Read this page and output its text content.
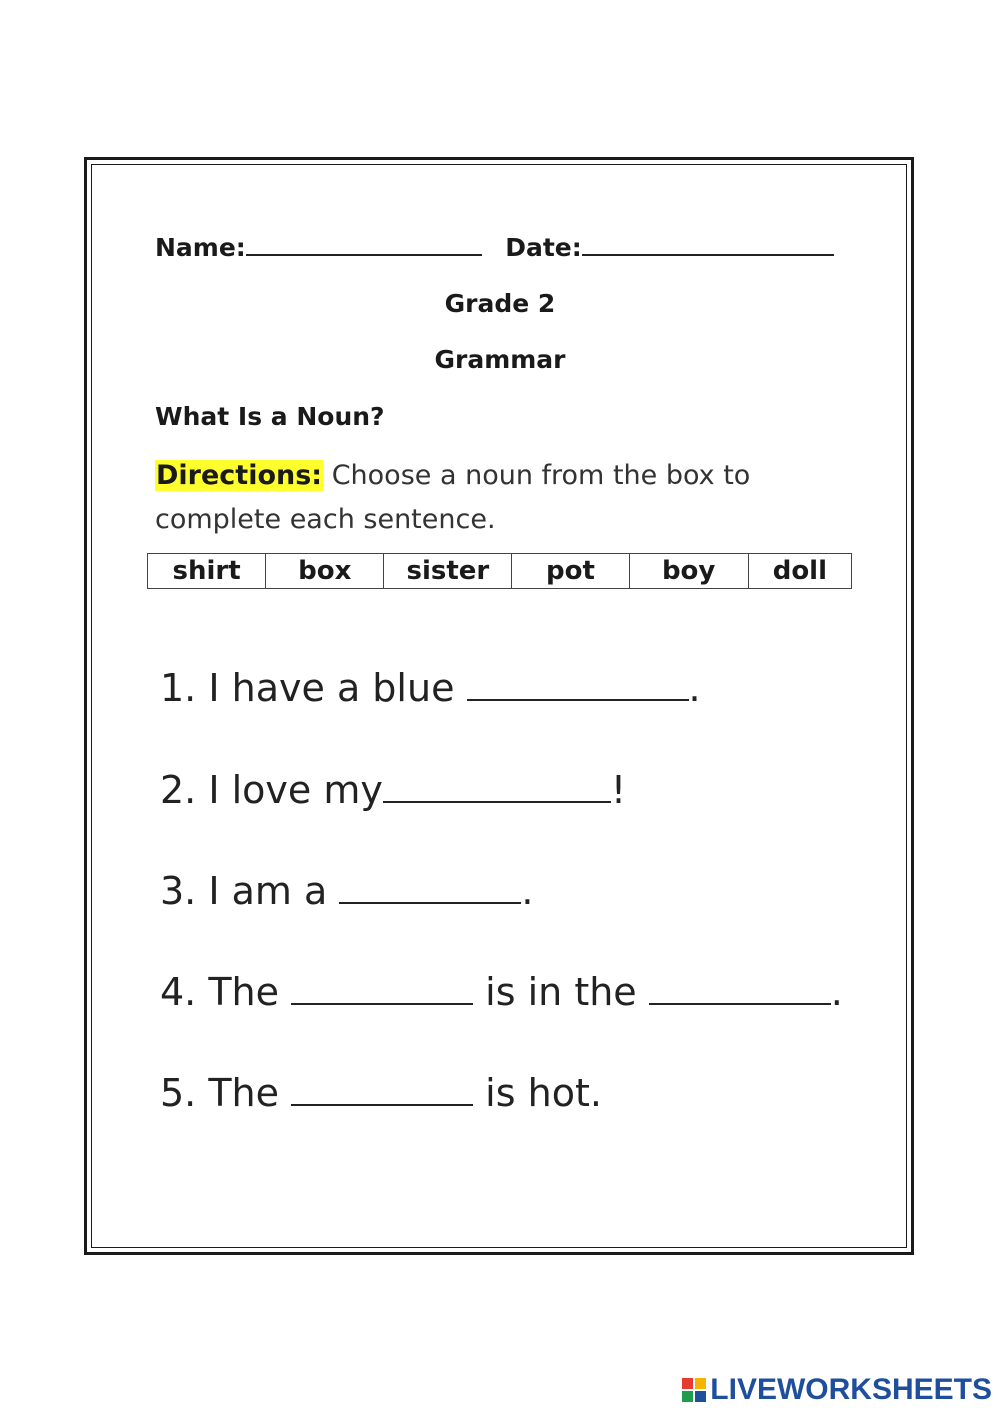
Name:	Date:
Grade 2
Grammar
What Is a Noun?
Directions: Choose a noun from the box to complete each sentence.
shirt	box	sister	pot	boy	doll
1. I have a blue	.
2. I love my	!
3. I am a	.
4. The	is in the	.
5. The	is hot.
LIVEWORKSHEETS
